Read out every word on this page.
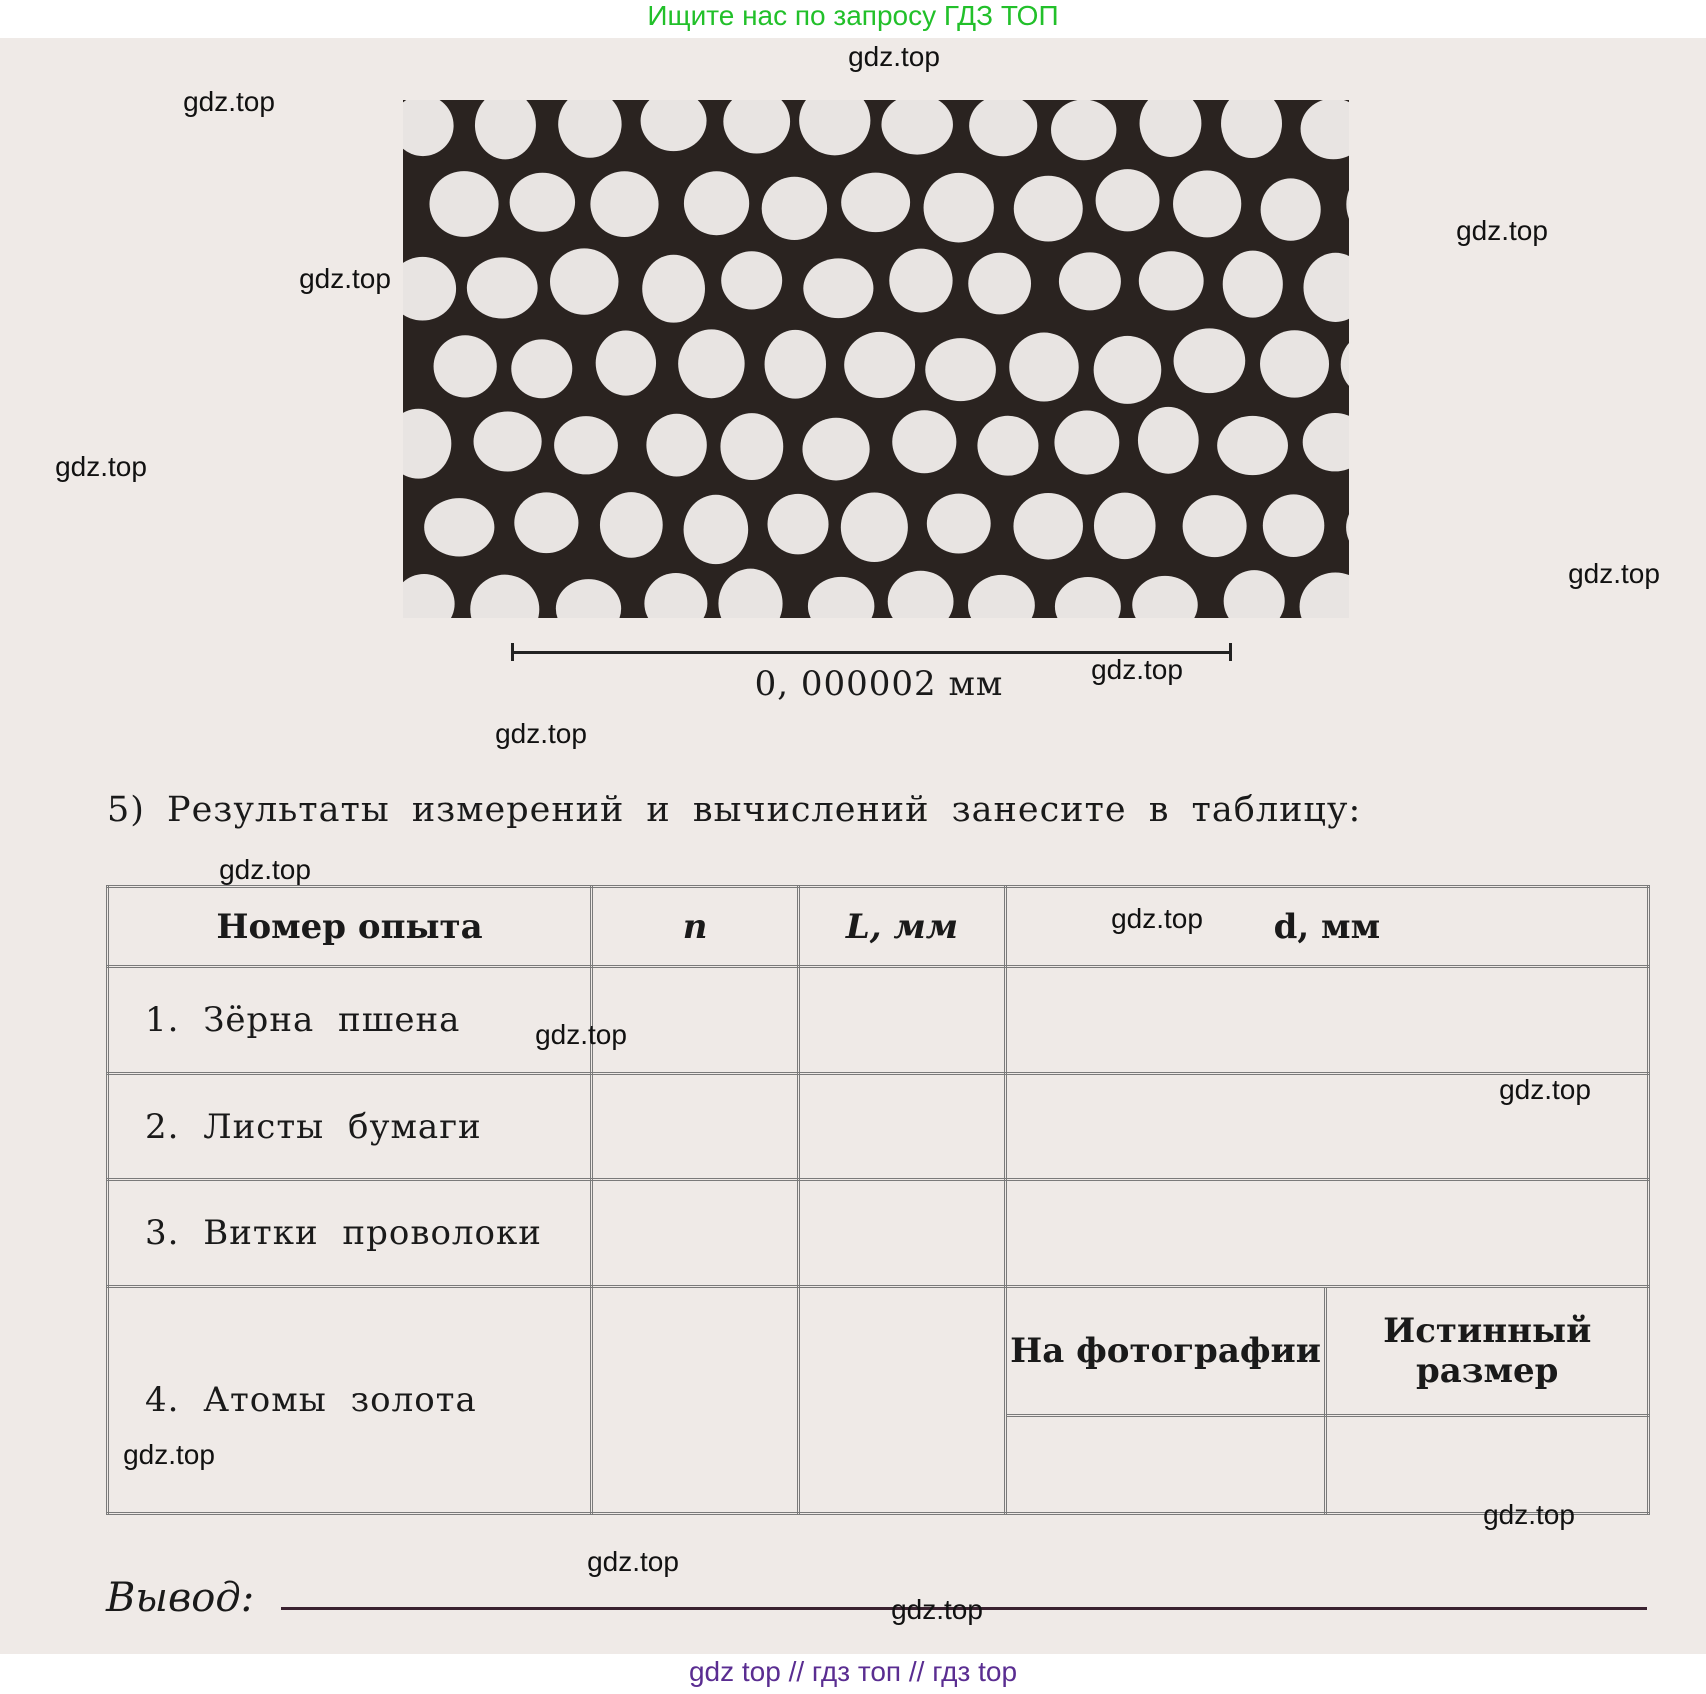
Ищите нас по запросу ГДЗ ТОП
0, 000002 мм
5) Результаты измерений и вычислений занесите в таблицу:
Номер опыта	n	L, мм	d, мм	
1. Зёрна пшена				
2. Листы бумаги				
3. Витки проволоки				
4. Атомы золота			На фотографии	Истинный размер

Вывод:
gdz.top
gdz.top
gdz.top
gdz.top
gdz.top
gdz.top
gdz.top
gdz.top
gdz.top
gdz.top
gdz.top
gdz.top
gdz.top
gdz.top
gdz.top
gdz.top
gdz top // гдз топ // гдз top
